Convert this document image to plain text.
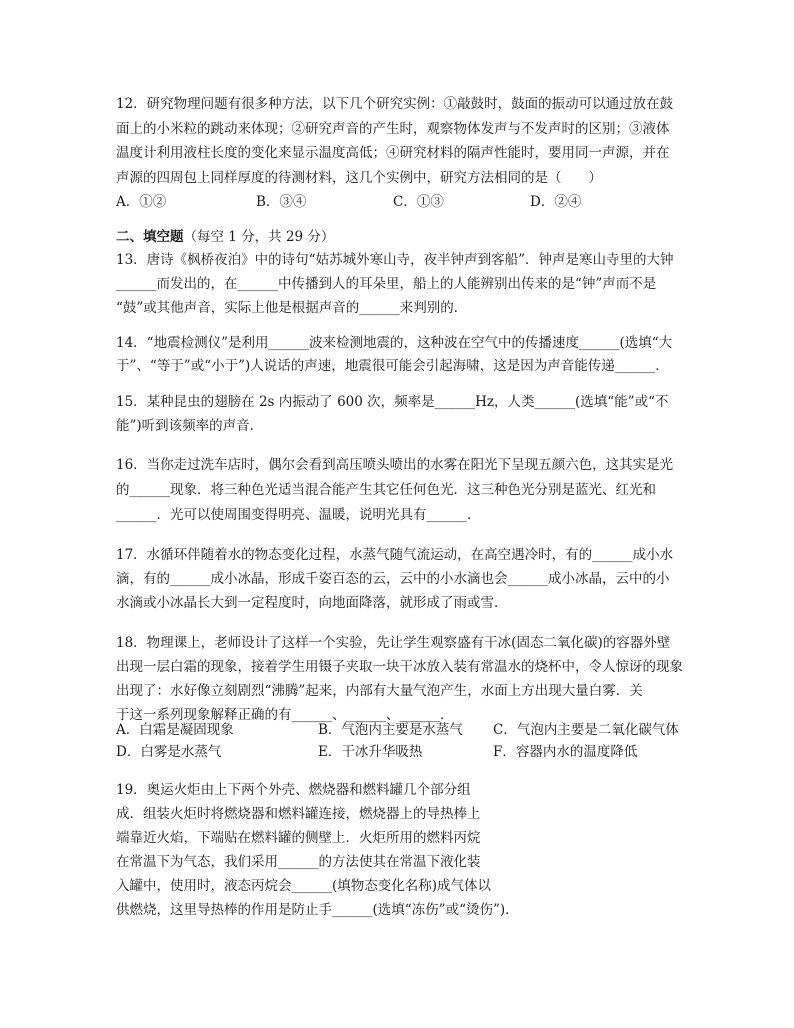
12．研究物理问题有很多种方法，以下几个研究实例：①敲鼓时，鼓面的振动可以通过放在鼓
面上的小米粒的跳动来体现；②研究声音的产生时，观察物体发声与不发声时的区别；③液体
温度计利用液柱长度的变化来显示温度高低；④研究材料的隔声性能时，要用同一声源，并在
声源的四周包上同样厚度的待测材料，这几个实例中，研究方法相同的是（　　）
A．①②	B．③④	C．①③	D．②④
二、填空题（每空 1 分，共 29 分）
13．唐诗《枫桥夜泊》中的诗句“姑苏城外寒山寺，夜半钟声到客船”．钟声是寒山寺里的大钟
______而发出的，在______中传播到人的耳朵里，船上的人能辨别出传来的是“钟”声而不是
“鼓”或其他声音，实际上他是根据声音的______来判别的．
14．“地震检测仪”是利用______波来检测地震的，这种波在空气中的传播速度______(选填“大
于”、“等于”或“小于”)人说话的声速，地震很可能会引起海啸，这是因为声音能传递______．
15．某种昆虫的翅膀在 2s 内振动了 600 次，频率是______Hz，人类______(选填“能”或“不
能”)听到该频率的声音．
16．当你走过洗车店时，偶尔会看到高压喷头喷出的水雾在阳光下呈现五颜六色，这其实是光
的______现象．将三种色光适当混合能产生其它任何色光．这三种色光分别是蓝光、红光和
______．光可以使周围变得明亮、温暖，说明光具有______．
17．水循环伴随着水的物态变化过程，水蒸气随气流运动，在高空遇冷时，有的______成小水
滴，有的______成小冰晶，形成千姿百态的云，云中的小水滴也会______成小冰晶，云中的小
水滴或小冰晶长大到一定程度时，向地面降落，就形成了雨或雪．
18．物理课上，老师设计了这样一个实验，先让学生观察盛有干冰(固态二氧化碳)的容器外壁
出现一层白霜的现象，接着学生用镊子夹取一块干冰放入装有常温水的烧杯中，令人惊讶的现象
出现了：水好像立刻剧烈“沸腾”起来，内部有大量气泡产生，水面上方出现大量白雾．关
于这一系列现象解释正确的有______、______、______．
A．白霜是凝固现象	B．气泡内主要是水蒸气 C．气泡内主要是二氧化碳气体
D．白雾是水蒸气	E．干冰升华吸热	F．容器内水的温度降低
19．奥运火炬由上下两个外壳、燃烧器和燃料罐几个部分组
成．组装火炬时将燃烧器和燃料罐连接，燃烧器上的导热棒上
端靠近火焰，下端贴在燃料罐的侧壁上．火炬所用的燃料丙烷
在常温下为气态，我们采用______的方法使其在常温下液化装
入罐中，使用时，液态丙烷会______(填物态变化名称)成气体以
供燃烧，这里导热棒的作用是防止手______(选填“冻伤”或“烫伤”)．
